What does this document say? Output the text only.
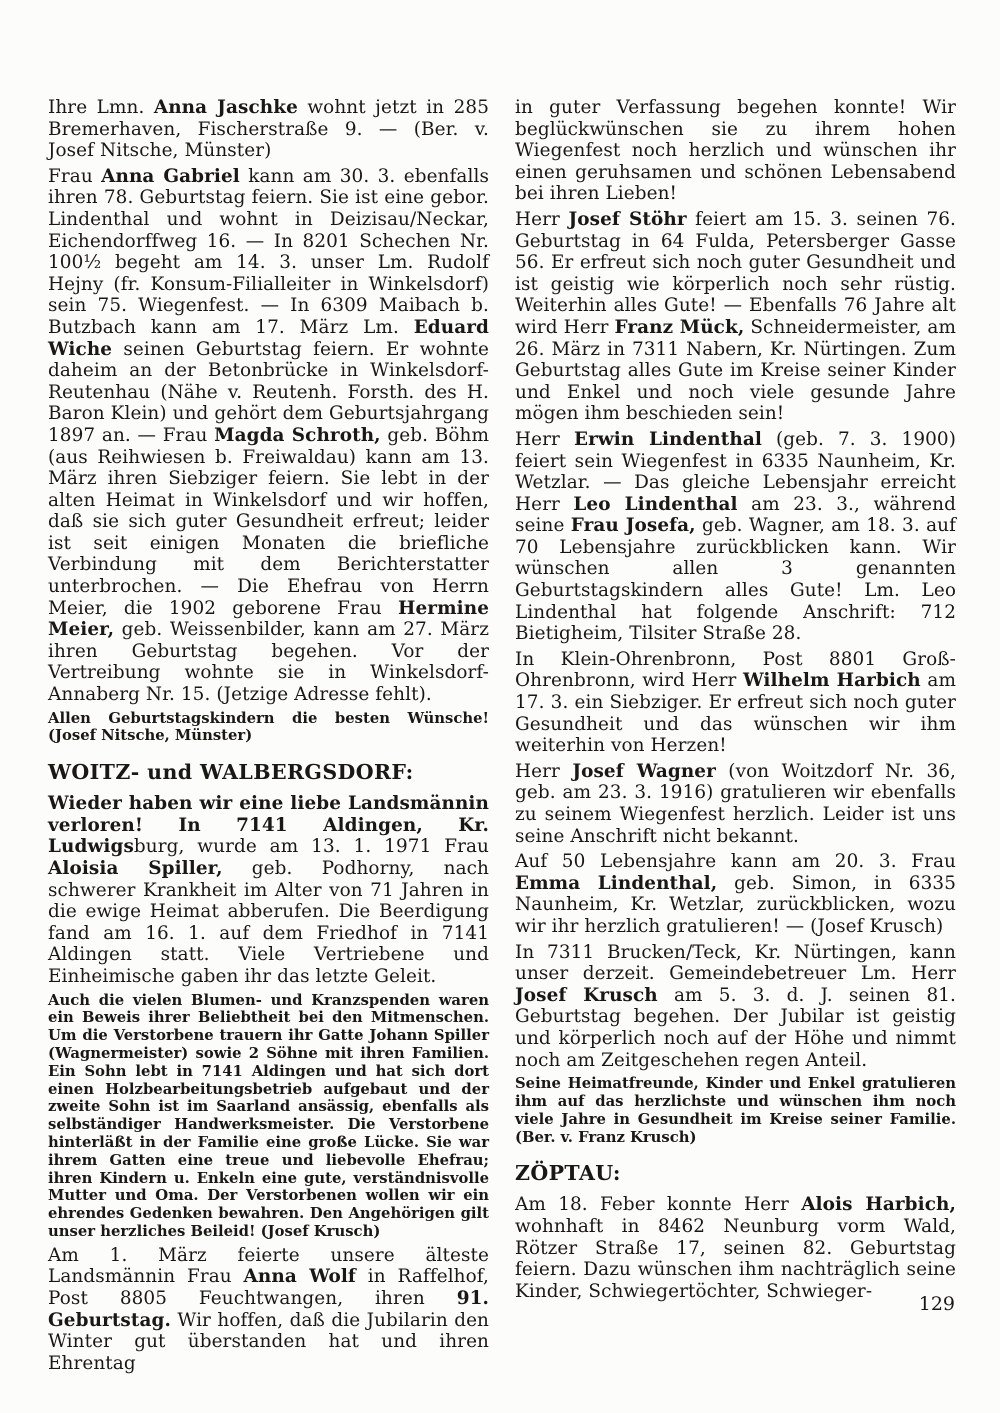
Ihre Lmn. Anna Jaschke wohnt jetzt in 285 Bremerhaven, Fischerstraße 9. — (Ber. v. Josef Nitsche, Münster)

Frau Anna Gabriel kann am 30. 3. ebenfalls ihren 78. Geburtstag feiern. Sie ist eine gebor. Lindenthal und wohnt in Deizisau/Neckar, Eichendorffweg 16. — In 8201 Schechen Nr. 100½ begeht am 14. 3. unser Lm. Rudolf Hejny (fr. Konsum-Filialleiter in Winkelsdorf) sein 75. Wiegenfest. — In 6309 Maibach b. Butzbach kann am 17. März Lm. Eduard Wiche seinen Geburtstag feiern. Er wohnte daheim an der Betonbrücke in Winkelsdorf-Reutenhau (Nähe v. Reutenh. Forsth. des H. Baron Klein) und gehört dem Geburtsjahrgang 1897 an. — Frau Magda Schroth, geb. Böhm (aus Reihwiesen b. Freiwaldau) kann am 13. März ihren Siebziger feiern. Sie lebt in der alten Heimat in Winkelsdorf und wir hoffen, daß sie sich guter Gesundheit erfreut; leider ist seit einigen Monaten die briefliche Verbindung mit dem Berichterstatter unterbrochen. — Die Ehefrau von Herrn Meier, die 1902 geborene Frau Hermine Meier, geb. Weissenbilder, kann am 27. März ihren Geburtstag begehen. Vor der Vertreibung wohnte sie in Winkelsdorf-Annaberg Nr. 15. (Jetzige Adresse fehlt).

Allen Geburtstagskindern die besten Wünsche! (Josef Nitsche, Münster)

WOITZ- und WALBERGSDORF:

Wieder haben wir eine liebe Landsmännin verloren! In 7141 Aldingen, Kr. Ludwigsburg, wurde am 13. 1. 1971 Frau Aloisia Spiller, geb. Podhorny, nach schwerer Krankheit im Alter von 71 Jahren in die ewige Heimat abberufen. Die Beerdigung fand am 16. 1. auf dem Friedhof in 7141 Aldingen statt. Viele Vertriebene und Einheimische gaben ihr das letzte Geleit.

Auch die vielen Blumen- und Kranzspenden waren ein Beweis ihrer Beliebtheit bei den Mitmenschen. Um die Verstorbene trauern ihr Gatte Johann Spiller (Wagnermeister) sowie 2 Söhne mit ihren Familien. Ein Sohn lebt in 7141 Aldingen und hat sich dort einen Holzbearbeitungsbetrieb aufgebaut und der zweite Sohn ist im Saarland ansässig, ebenfalls als selbständiger Handwerksmeister. Die Verstorbene hinterläßt in der Familie eine große Lücke. Sie war ihrem Gatten eine treue und liebevolle Ehefrau; ihren Kindern u. Enkeln eine gute, verständnisvolle Mutter und Oma. Der Verstorbenen wollen wir ein ehrendes Gedenken bewahren. Den Angehörigen gilt unser herzliches Beileid! (Josef Krusch)

Am 1. März feierte unsere älteste Landsmännin Frau Anna Wolf in Raffelhof, Post 8805 Feuchtwangen, ihren 91. Geburtstag. Wir hoffen, daß die Jubilarin den Winter gut überstanden hat und ihren Ehrentag

in guter Verfassung begehen konnte! Wir beglückwünschen sie zu ihrem hohen Wiegenfest noch herzlich und wünschen ihr einen geruhsamen und schönen Lebensabend bei ihren Lieben!

Herr Josef Stöhr feiert am 15. 3. seinen 76. Geburtstag in 64 Fulda, Petersberger Gasse 56. Er erfreut sich noch guter Gesundheit und ist geistig wie körperlich noch sehr rüstig. Weiterhin alles Gute! — Ebenfalls 76 Jahre alt wird Herr Franz Mück, Schneidermeister, am 26. März in 7311 Nabern, Kr. Nürtingen. Zum Geburtstag alles Gute im Kreise seiner Kinder und Enkel und noch viele gesunde Jahre mögen ihm beschieden sein!

Herr Erwin Lindenthal (geb. 7. 3. 1900) feiert sein Wiegenfest in 6335 Naunheim, Kr. Wetzlar. — Das gleiche Lebensjahr erreicht Herr Leo Lindenthal am 23. 3., während seine Frau Josefa, geb. Wagner, am 18. 3. auf 70 Lebensjahre zurückblicken kann. Wir wünschen allen 3 genannten Geburtstagskindern alles Gute! Lm. Leo Lindenthal hat folgende Anschrift: 712 Bietigheim, Tilsiter Straße 28.

In Klein-Ohrenbronn, Post 8801 Groß-Ohrenbronn, wird Herr Wilhelm Harbich am 17. 3. ein Siebziger. Er erfreut sich noch guter Gesundheit und das wünschen wir ihm weiterhin von Herzen!

Herr Josef Wagner (von Woitzdorf Nr. 36, geb. am 23. 3. 1916) gratulieren wir ebenfalls zu seinem Wiegenfest herzlich. Leider ist uns seine Anschrift nicht bekannt.

Auf 50 Lebensjahre kann am 20. 3. Frau Emma Lindenthal, geb. Simon, in 6335 Naunheim, Kr. Wetzlar, zurückblicken, wozu wir ihr herzlich gratulieren! — (Josef Krusch)

In 7311 Brucken/Teck, Kr. Nürtingen, kann unser derzeit. Gemeindebetreuer Lm. Herr Josef Krusch am 5. 3. d. J. seinen 81. Geburtstag begehen. Der Jubilar ist geistig und körperlich noch auf der Höhe und nimmt noch am Zeitgeschehen regen Anteil.

Seine Heimatfreunde, Kinder und Enkel gratulieren ihm auf das herzlichste und wünschen ihm noch viele Jahre in Gesundheit im Kreise seiner Familie. (Ber. v. Franz Krusch)

ZÖPTAU:

Am 18. Feber konnte Herr Alois Harbich, wohnhaft in 8462 Neunburg vorm Wald, Rötzer Straße 17, seinen 82. Geburtstag feiern. Dazu wünschen ihm nachträglich seine Kinder, Schwiegertöchter, Schwieger-

129
